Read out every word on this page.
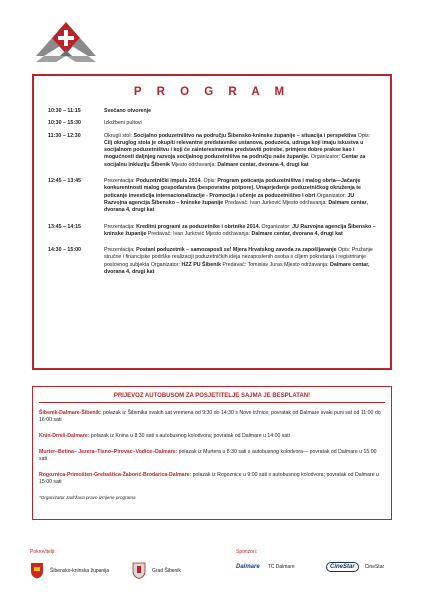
P R O G R A M
10:30 – 11:15	Svečano otvorenje
10:30 – 15:30	Izložbeni pultovi
11:30 – 12:30	Okrugli stol: Socijalno poduzetništvo na području Šibensko-kninske županije – situacija i perspektiva Opis: Cilj okruglog stola je okupiti relevantne predstavnike ustanova, poduzeća, udruga koji imaju iskustva u socijalnom poduzetništvu i koji će zainteresiranima predstaviti potrebe, primjere dobre prakse kao i mogućnosti daljnjeg razvoja socijalnog poduzetništva na području naše županije. Organizator: Centar za socijalnu inkluziju Šibenik Mjesto održavanja: Dalmare centar, dvorana 4, drugi kat
12:45 – 13:45	Prezentacija: Poduzetnički impuls 2014. Opis: Program poticanja poduzetništva i malog obrta—Jačanje konkurentnosti malog gospodarstva (bespovratne potpore). Unaprjeđenje poduzetničkog okruženja te poticanje investicija internacionalizacije - Promocija i učenje za poduzetništvo i obrt Organizator: JU Razvojna agencija Šibensko – kninske županije Predavač: Ivan Jurković Mjesto održavanja: Dalmare centar, dvorana 4, drugi kat
13:45 – 14:15	Prezentacija: Kreditni programi za poduzetnike i obrtnike 2014. Organizator: JU Razvojna agencija Šibensko – kninske županije Predavač: Ivan Jurković Mjesto održavanja: Dalmare centar, dvorana 4, drugi kat
14:30 – 15:00	Prezentacija: Postani poduzetnik – samozaposli se! Mjera Hrvatskog zavoda za zapošljavanje Opis: Pružanje stručne i financijske podrške realizaciji poduzetničkih ideja nezaposlenih osoba s ciljem pokretanja i registriranje poslovnog subjekta Organizator: HZZ PU Šibenik Predavač: Tomislav Juras Mjesto održavanja: Dalmare centar, dvorana 4, drugi kat
PRIJEVOZ AUTOBUSOM ZA POSJETITELJE SAJMA JE BESPLATAN!
Šibenik-Dalmare-Šibenik: polazak iz Šibenika svakih sat vremena od 9:30 do 14:30 s Nove tržnice; povratak od Dalmare svaki puni sat od 11:00 do 16:00 sati
Knin-Drniš-Dalmare: polazak iz Knina u 8:30 sati s autobusnog kolodvora; povratak od Dalmare u 14:00 sati
Murter–Betina– Jezera–Tisno–Pirovac–Vodice–Dalmare: polazak iz Murtera u 8:30 sati s autobusnog kolodvora— povratak od Dalmare u 15:00 sati
Rogoznica-Primošten-Grebaštica-Žaborić-Brodarica-Dalmare: polazak iz Rogoznice u 9:00 sati s autobusnog kolodvora; povratak od Dalmare u 15:00 sati
*Organizator zadržava pravo izmjene programa
Pokrovitelji:	Sponzori:
Šibensko-kninska županija	Grad Šibenik
Dalmare TC Dalmare	CineStar	CineStar
